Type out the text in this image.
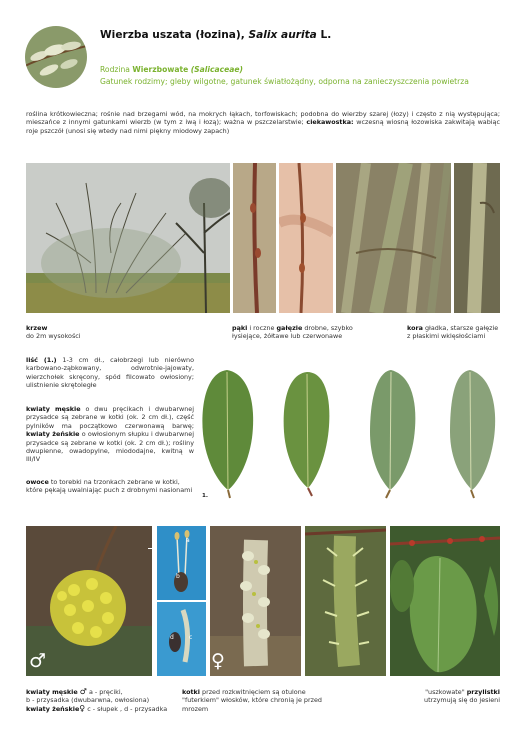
Wierzba uszata (łozina), Salix aurita L.
Rodzina Wierzbowate (Salicaceae)
Gatunek rodzimy; gleby wilgotne, gatunek światłożądny, odporna na zanieczyszczenia powietrza
roślina krótkowieczna; rośnie nad brzegami wód, na mokrych łąkach, torfowiskach; podobna do wierzby szarej (łozy) i często z nią występująca; mieszańce z innymi gatunkami wierzb (w tym z iwą i łozą); ważna w pszczelarstwie; ciekawostka: wczesną wiosną łozowiska zakwitają wabiąc roje pszczół (unosi się wtedy nad nimi piękny miodowy zapach)
krzew
do 2m wysokości
pąki i roczne gałęzie drobne, szybko łysiejące, żółtawe lub czerwonawe
kora gładka, starsze gałęzie z płaskimi wklęsłościami
liść (1.) 1-3 cm dł., całobrzegi lub nierówno karbowano-ząbkowany, odwrotnie-jajowaty, wierzchołek skręcony, spód filcowato owłosiony; ulistnienie skrętoległe
kwiaty męskie o dwu pręcikach i dwubarwnej przysadce są zebrane w kotki (ok. 2 cm dł.), część pylników ma początkowo czerwonawą barwę; kwiaty żeńskie o owłosionym słupku i dwubarwnej przysadce są zebrane w kotki (ok. 2 cm dł.); rośliny dwupienne, owadopylne, miododajne, kwitną w III/IV
owoce to torebki na trzonkach zebrane w kotki, które pękają uwalniając puch z drobnymi nasionami
1.
♂
a
b
c
d
♀
kwiaty męskie ♂ a - pręciki,
b - przysadka (dwubarwna, owłosiona)
kwiaty żeńskie♀ c - słupek , d - przysadka
kotki przed rozkwitnięciem są otulone "futerkiem" włosków, które chronią je przed mrozem
"uszkowate" przylistki
utrzymują się do jesieni
